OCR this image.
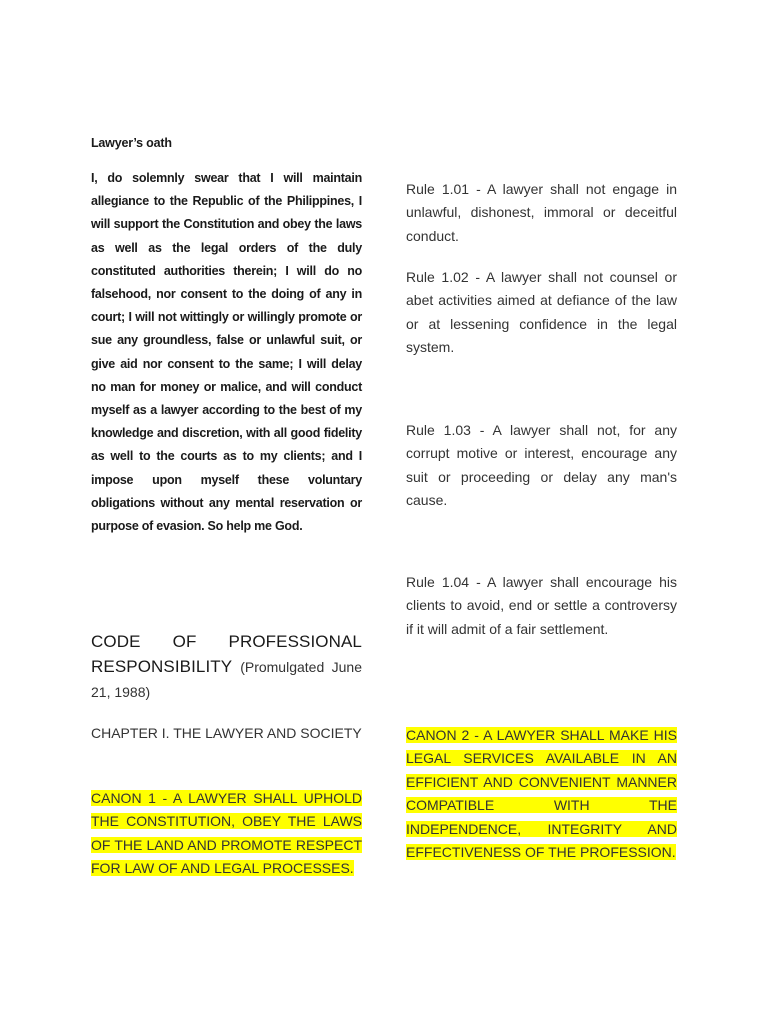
Lawyer’s oath

I, do solemnly swear that I will maintain allegiance to the Republic of the Philippines, I will support the Constitution and obey the laws as well as the legal orders of the duly constituted authorities therein; I will do no falsehood, nor consent to the doing of any in court; I will not wittingly or willingly promote or sue any groundless, false or unlawful suit, or give aid nor consent to the same; I will delay no man for money or malice, and will conduct myself as a lawyer according to the best of my knowledge and discretion, with all good fidelity as well to the courts as to my clients; and I impose upon myself these voluntary obligations without any mental reservation or purpose of evasion. So help me God.

CODE OF PROFESSIONAL RESPONSIBILITY (Promulgated June 21, 1988)

CHAPTER I. THE LAWYER AND SOCIETY

CANON 1 - A LAWYER SHALL UPHOLD THE CONSTITUTION, OBEY THE LAWS OF THE LAND AND PROMOTE RESPECT FOR LAW OF AND LEGAL PROCESSES.

Rule 1.01 - A lawyer shall not engage in unlawful, dishonest, immoral or deceitful conduct.

Rule 1.02 - A lawyer shall not counsel or abet activities aimed at defiance of the law or at lessening confidence in the legal system.

Rule 1.03 - A lawyer shall not, for any corrupt motive or interest, encourage any suit or proceeding or delay any man's cause.

Rule 1.04 - A lawyer shall encourage his clients to avoid, end or settle a controversy if it will admit of a fair settlement.

CANON 2 - A LAWYER SHALL MAKE HIS LEGAL SERVICES AVAILABLE IN AN EFFICIENT AND CONVENIENT MANNER COMPATIBLE WITH THE INDEPENDENCE, INTEGRITY AND EFFECTIVENESS OF THE PROFESSION.
